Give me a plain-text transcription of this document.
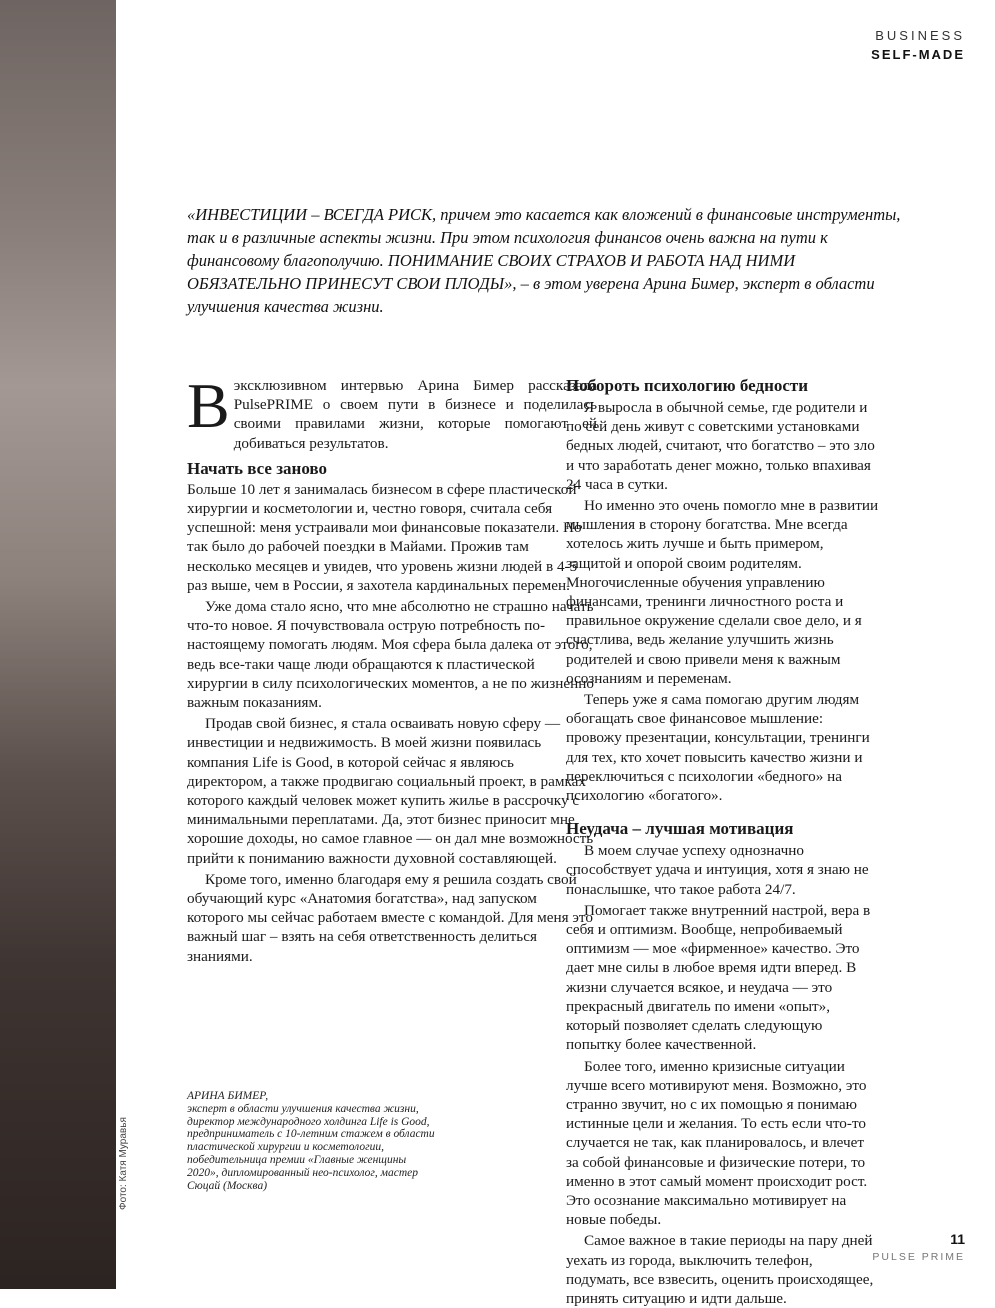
Фото: Катя Муравья
BUSINESS
SELF-MADE
«ИНВЕСТИЦИИ – ВСЕГДА РИСК, причем это касается как вложений в финансовые инструменты, так и в различные аспекты жизни. При этом психология финансов очень важна на пути к финансовому благополучию. ПОНИМАНИЕ СВОИХ СТРАХОВ И РАБОТА НАД НИМИ ОБЯЗАТЕЛЬНО ПРИНЕСУТ СВОИ ПЛОДЫ», – в этом уверена Арина Бимер, эксперт в области улучшения качества жизни.
В эксклюзивном интервью Арина Бимер рассказала PulsePRIME о своем пути в бизнесе и поделилась своими правилами жизни, которые помогают ей добиваться результатов.
Начать все заново

Больше 10 лет я занималась бизнесом в сфере пластической хирургии и косметологии и, честно говоря, считала себя успешной: меня устраивали мои финансовые показатели. Но так было до рабочей поездки в Майами. Прожив там несколько месяцев и увидев, что уровень жизни людей в 4-5 раз выше, чем в России, я захотела кардинальных перемен.

Уже дома стало ясно, что мне абсолютно не страшно начать что-то новое. Я почувствовала острую потребность по-настоящему помогать людям. Моя сфера была далека от этого, ведь все-таки чаще люди обращаются к пластической хирургии в силу психологических моментов, а не по жизненно важным показаниям.

Продав свой бизнес, я стала осваивать новую сферу — инвестиции и недвижимость. В моей жизни появилась компания Life is Good, в которой сейчас я являюсь директором, а также продвигаю социальный проект, в рамках которого каждый человек может купить жилье в рассрочку с минимальными переплатами. Да, этот бизнес приносит мне хорошие доходы, но самое главное — он дал мне возможность прийти к пониманию важности духовной составляющей.

Кроме того, именно благодаря ему я решила создать свой обучающий курс «Анатомия богатства», над запуском которого мы сейчас работаем вместе с командой. Для меня это важный шаг – взять на себя ответственность делиться знаниями.

Побороть психологию бедности

Я выросла в обычной семье, где родители и по сей день живут с советскими установками бедных людей, считают, что богатство – это зло и что заработать денег можно, только впахивая 24 часа в сутки.

Но именно это очень помогло мне в развитии мышления в сторону богатства. Мне всегда хотелось жить лучше и быть примером, защитой и опорой своим родителям. Многочисленные обучения управлению финансами, тренинги личностного роста и правильное окружение сделали свое дело, и я счастлива, ведь желание улучшить жизнь родителей и свою привели меня к важным осознаниям и переменам.

Теперь уже я сама помогаю другим людям обогащать свое финансовое мышление: провожу презентации, консультации, тренинги для тех, кто хочет повысить качество жизни и переключиться с психологии «бедного» на психологию «богатого».

Неудача – лучшая мотивация

В моем случае успеху однозначно способствует удача и интуиция, хотя я знаю не понаслышке, что такое работа 24/7.

Помогает также внутренний настрой, вера в себя и оптимизм. Вообще, непробиваемый оптимизм — мое «фирменное» качество. Это дает мне силы в любое время идти вперед. В жизни случается всякое, и неудача — это прекрасный двигатель по имени «опыт», который позволяет сделать следующую попытку более качественной.

Более того, именно кризисные ситуации лучше всего мотивируют меня. Возможно, это странно звучит, но с их помощью я понимаю истинные цели и желания. То есть если что-то случается не так, как планировалось, и влечет за собой финансовые и физические потери, то именно в этот самый момент происходит рост. Это осознание максимально мотивирует на новые победы.

Самое важное в такие периоды на пару дней уехать из города, выключить телефон, подумать, все взвесить, оценить происходящее, принять ситуацию и идти дальше.

АРИНА БИМЕР,
эксперт в области улучшения качества жизни, директор международного холдинга Life is Good, предприниматель с 10-летним стажем в области пластической хирургии и косметологии, победительница премии «Главные женщины 2020», дипломированный нео-психолог, мастер Сюцай (Москва)
11
PULSE PRIME
